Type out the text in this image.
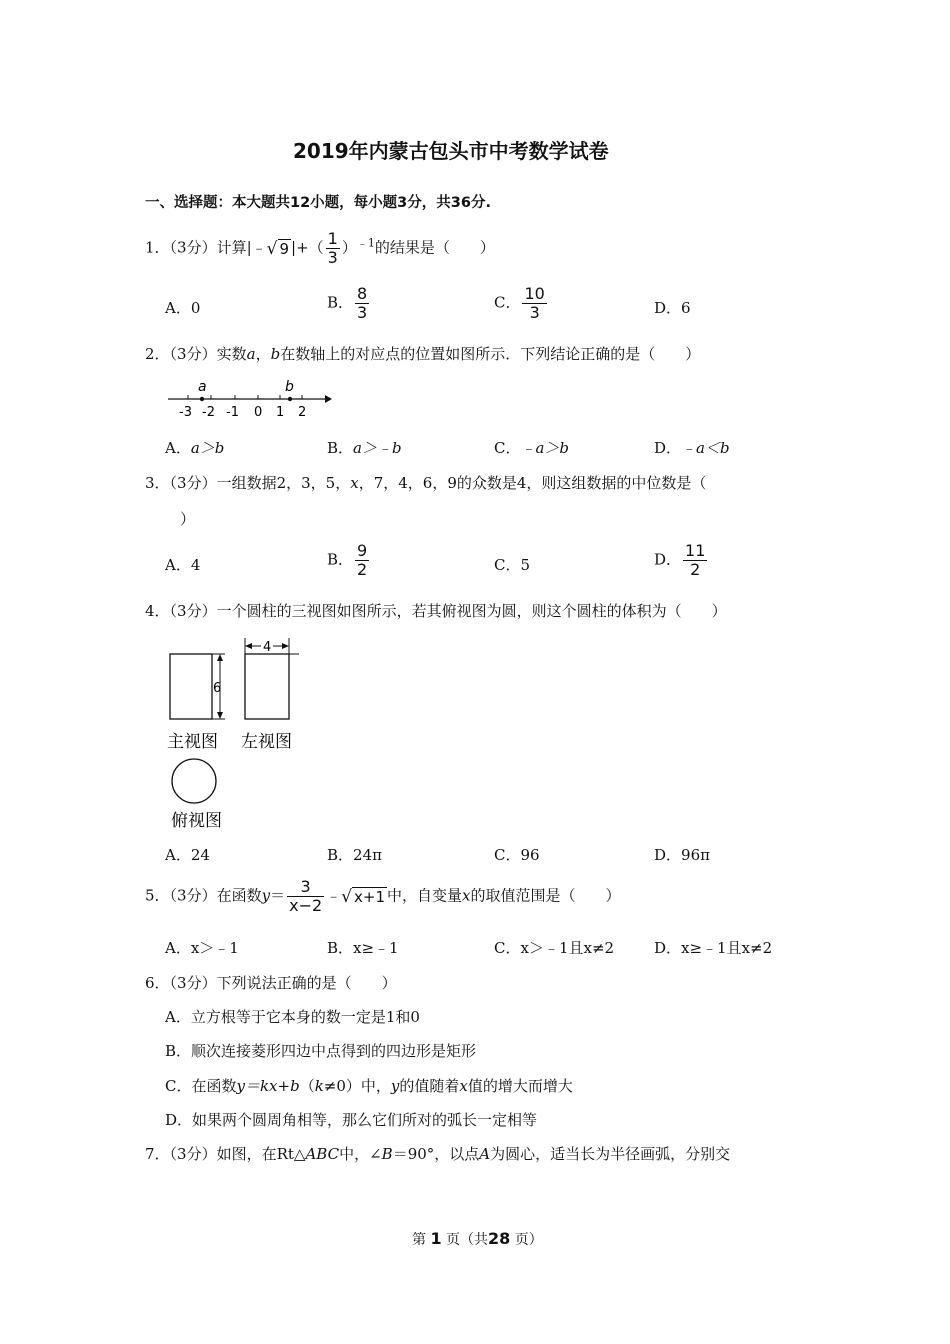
2019年内蒙古包头市中考数学试卷
一、选择题：本大题共12小题，每小题3分，共36分.
1．（3分）计算|﹣ √ 9 |+（ $\frac{1}{3} )^{﹣1}$的结果是（　　）
A．0	B． $\frac{8}{3}$	C． $\frac{10}{3}$	D．6
2．（3分）实数a，b在数轴上的对应点的位置如图所示．下列结论正确的是（　　）
a	b
-3 -2 -1 0 1 2
A．a＞b	B．a＞﹣b	C．﹣a＞b	D．﹣a＜b
3．（3分）一组数据2，3，5，x，7，4，6，9的众数是4，则这组数据的中位数是（
）
A．4	B． $\frac{9}{2}$	C．5	D． $\frac{11}{2}$
4．（3分）一个圆柱的三视图如图所示，若其俯视图为圆，则这个圆柱的体积为（　　）
6
4
主视图 左视图
俯视图
A．24	B．24π	C．96	D．96π
5．（3分）在函数$y= \frac{3}{x-2}$ ﹣ √ x+1 中，自变量x的取值范围是（　　）
A．x＞﹣1	B．x≥﹣1	C．x＞﹣1且x≠2	D．x≥﹣1且x≠2
6．（3分）下列说法正确的是（　　）
A．立方根等于它本身的数一定是1和0
B．顺次连接菱形四边中点得到的四边形是矩形
C．在函数y＝kx+b（k≠0）中，y的值随着x值的增大而增大
D．如果两个圆周角相等，那么它们所对的弧长一定相等
7．（3分）如图，在Rt△ABC中，∠B＝90°，以点A为圆心，适当长为半径画弧，分别交
第 1 页（共28 页）
